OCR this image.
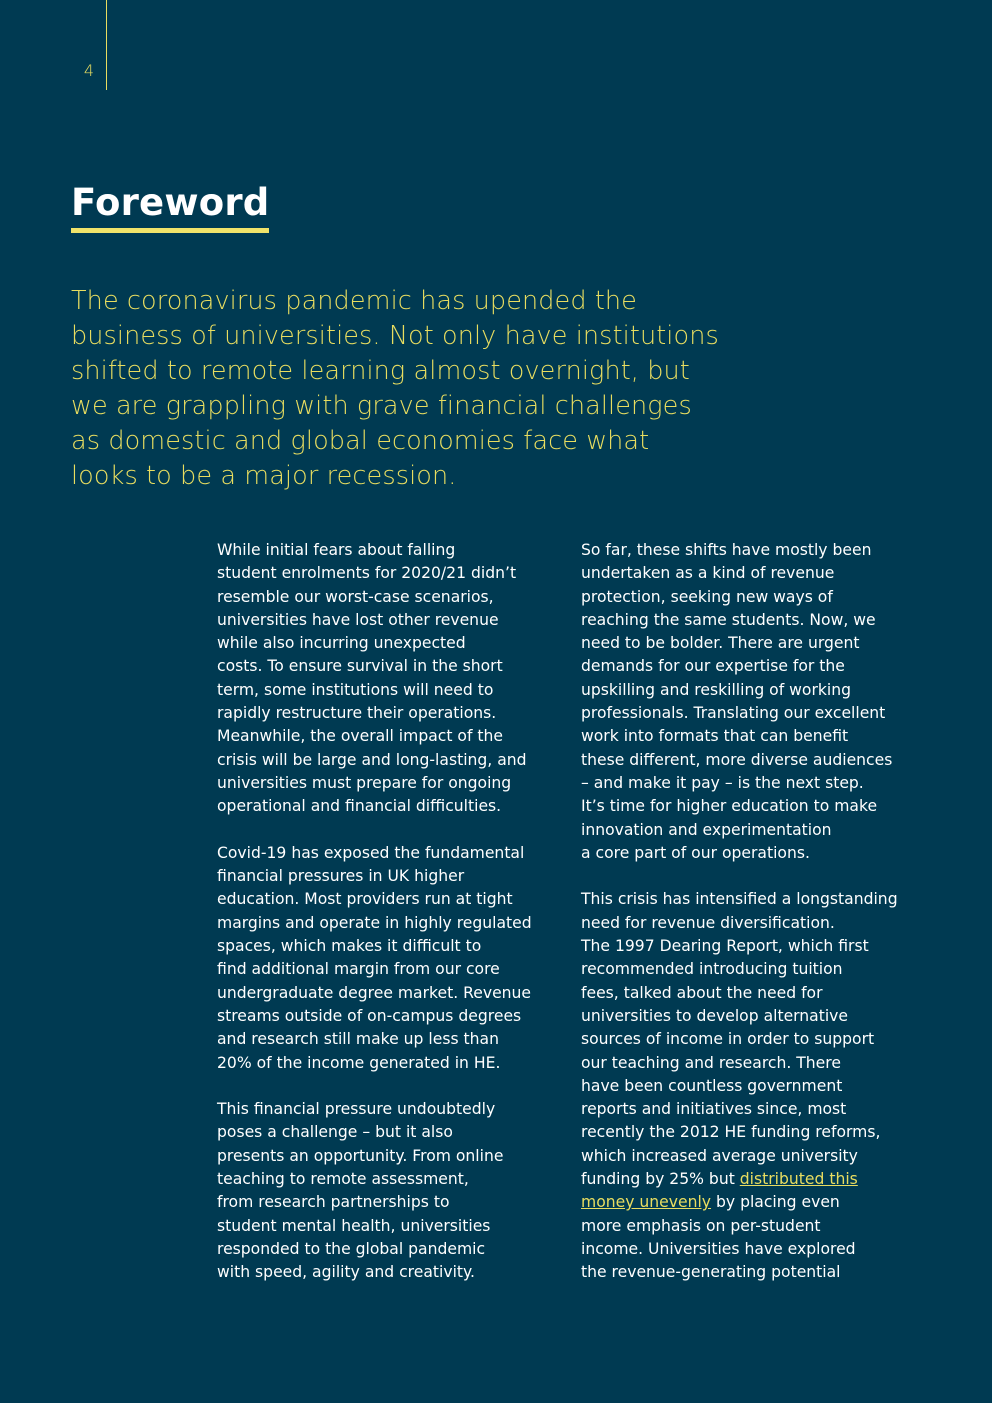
4
Foreword

The coronavirus pandemic has upended the
business of universities. Not only have institutions
shifted to remote learning almost overnight, but
we are grappling with grave financial challenges
as domestic and global economies face what
looks to be a major recession.

While initial fears about falling
student enrolments for 2020/21 didn’t
resemble our worst-case scenarios,
universities have lost other revenue
while also incurring unexpected
costs. To ensure survival in the short
term, some institutions will need to
rapidly restructure their operations.
Meanwhile, the overall impact of the
crisis will be large and long-lasting, and
universities must prepare for ongoing
operational and financial difficulties.

Covid-19 has exposed the fundamental
financial pressures in UK higher
education. Most providers run at tight
margins and operate in highly regulated
spaces, which makes it difficult to
find additional margin from our core
undergraduate degree market. Revenue
streams outside of on-campus degrees
and research still make up less than
20% of the income generated in HE.

This financial pressure undoubtedly
poses a challenge – but it also
presents an opportunity. From online
teaching to remote assessment,
from research partnerships to
student mental health, universities
responded to the global pandemic
with speed, agility and creativity.

So far, these shifts have mostly been
undertaken as a kind of revenue
protection, seeking new ways of
reaching the same students. Now, we
need to be bolder. There are urgent
demands for our expertise for the
upskilling and reskilling of working
professionals. Translating our excellent
work into formats that can benefit
these different, more diverse audiences
– and make it pay – is the next step.
It’s time for higher education to make
innovation and experimentation
a core part of our operations.

This crisis has intensified a longstanding
need for revenue diversification.
The 1997 Dearing Report, which first
recommended introducing tuition
fees, talked about the need for
universities to develop alternative
sources of income in order to support
our teaching and research. There
have been countless government
reports and initiatives since, most
recently the 2012 HE funding reforms,
which increased average university
funding by 25% but distributed this
money unevenly by placing even
more emphasis on per-student
income. Universities have explored
the revenue-generating potential
